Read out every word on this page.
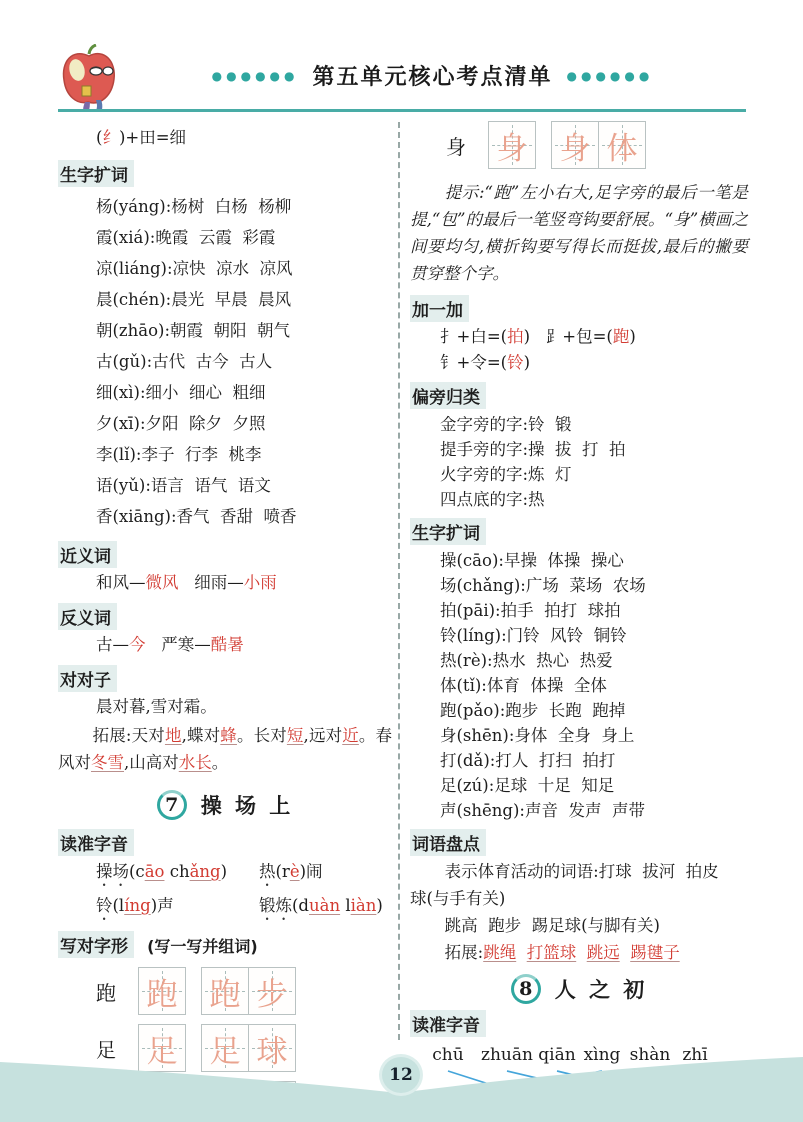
●●●●●● 第五单元核心考点清单 ●●●●●●
(纟)+田=细
生字扩词
杨(yáng):杨树  白杨  杨柳
霞(xiá):晚霞  云霞  彩霞
凉(liáng):凉快  凉水  凉风
晨(chén):晨光  早晨  晨风
朝(zhāo):朝霞  朝阳  朝气
古(gǔ):古代  古今  古人
细(xì):细小  细心  粗细
夕(xī):夕阳  除夕  夕照
李(lǐ):李子  行李  桃李
语(yǔ):语言  语气  语文
香(xiāng):香气  香甜  喷香
近义词
和风—微风   细雨—小雨
反义词
古—今   严寒—酷暑
对对子
晨对暮,雪对霜。
拓展:天对地,蝶对蜂。长对短,远对近。春风对冬雪,山高对水长。
7	操 场 上
读准字音
操场(cāo chǎng)	热(rè)闹
铃(líng)声	锻炼(duàn liàn)
写对字形 (写一写并组词)
跑 跑 跑 步
足 足 足 球
身 身 身 体
提示:“跑”左小右大,足字旁的最后一笔是提,“包”的最后一笔竖弯钩要舒展。“身”横画之间要均匀,横折钩要写得长而挺拔,最后的撇要贯穿整个字。
加一加
扌+白=(拍)   ⻊+包=(跑)
钅+令=(铃)
偏旁归类
金字旁的字:铃  锻
提手旁的字:操  拔  打  拍
火字旁的字:炼  灯
四点底的字:热
生字扩词
操(cāo):早操  体操  操心
场(chǎng):广场  菜场  农场
拍(pāi):拍手  拍打  球拍
铃(líng):门铃  风铃  铜铃
热(rè):热水  热心  热爱
体(tǐ):体育  体操  全体
跑(pǎo):跑步  长跑  跑掉
身(shēn):身体  全身  身上
打(dǎ):打人  打扫  拍打
足(zú):足球  十足  知足
声(shēng):声音  发声  声带
词语盘点
表示体育活动的词语:打球  拔河  拍皮
球(与手有关)
跳高  跑步  踢足球(与脚有关)
拓展:跳绳 打篮球 跳远 踢毽子
8	人 之 初
读准字音
chū zhuān qiān xìng shàn zhī
12
